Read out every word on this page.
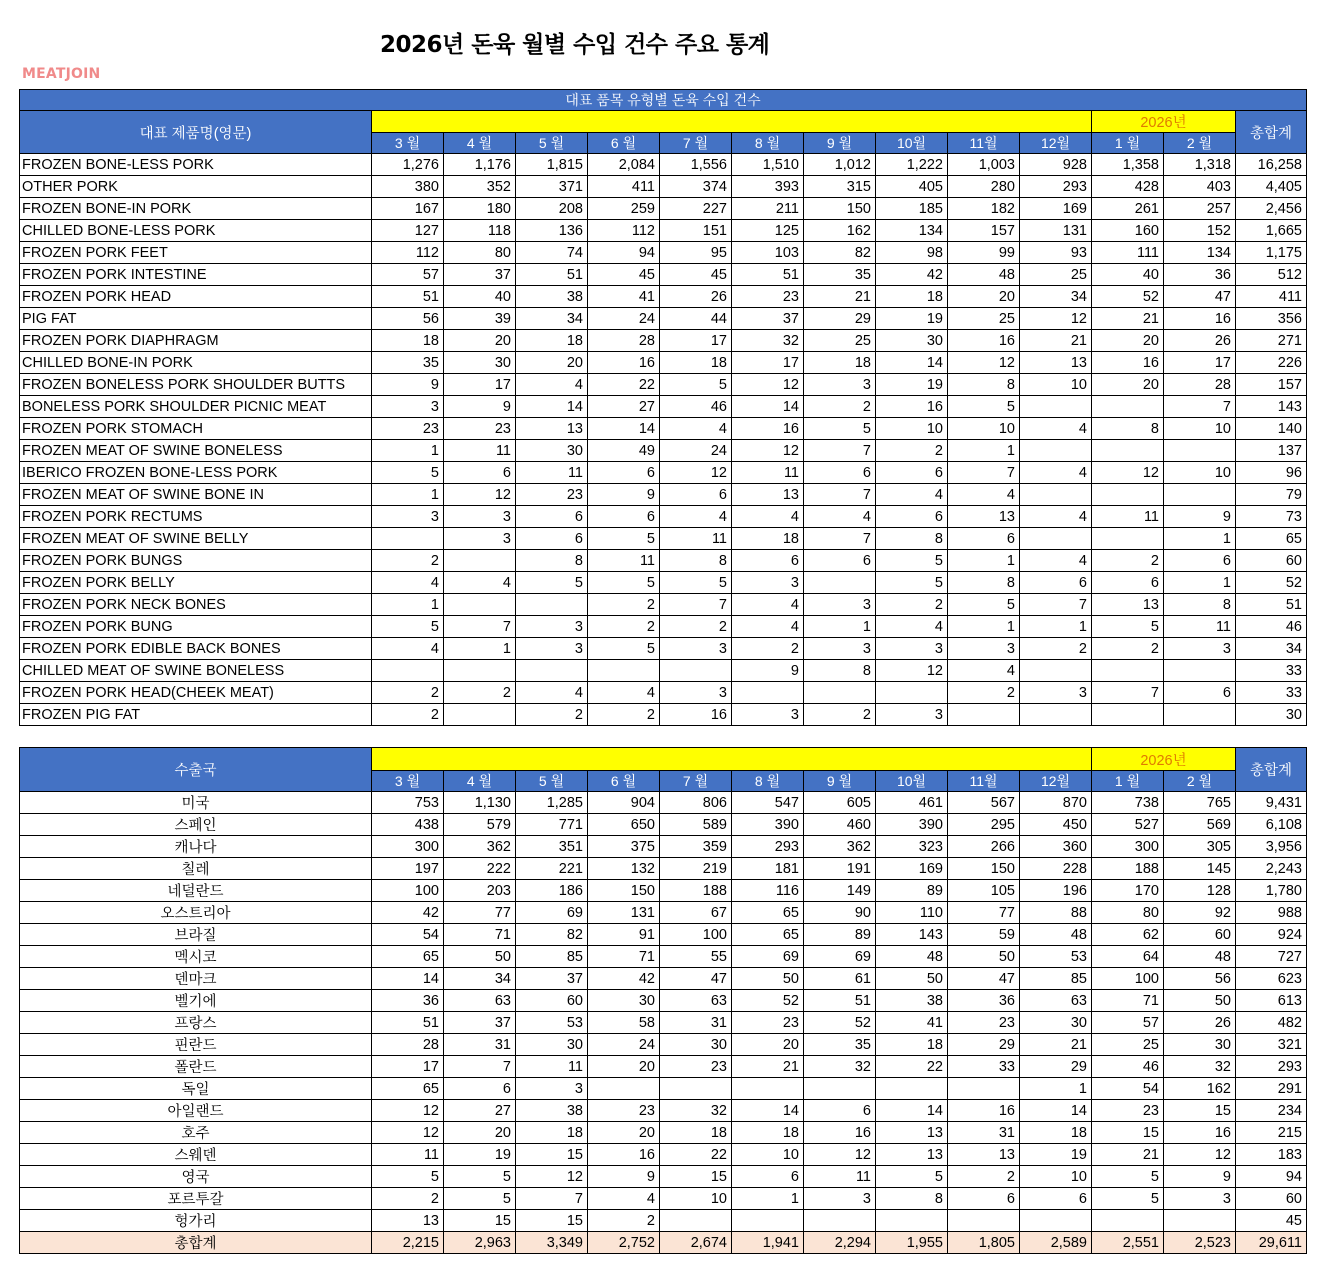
2026년 돈육 월별 수입 건수 주요 통계
MEATJOIN
대표 품목 유형별 돈육 수입 건수													
대표 제품명(영문)											2026년		총합계
	3 월	4 월	5 월	6 월	7 월	8 월	9 월	10월	11월	12월	1 월	2 월	
FROZEN BONE-LESS PORK	1,276	1,176	1,815	2,084	1,556	1,510	1,012	1,222	1,003	928	1,358	1,318	16,258
OTHER PORK	380	352	371	411	374	393	315	405	280	293	428	403	4,405
FROZEN BONE-IN PORK	167	180	208	259	227	211	150	185	182	169	261	257	2,456
CHILLED BONE-LESS PORK	127	118	136	112	151	125	162	134	157	131	160	152	1,665
FROZEN PORK FEET	112	80	74	94	95	103	82	98	99	93	111	134	1,175
FROZEN PORK INTESTINE	57	37	51	45	45	51	35	42	48	25	40	36	512
FROZEN PORK HEAD	51	40	38	41	26	23	21	18	20	34	52	47	411
PIG FAT	56	39	34	24	44	37	29	19	25	12	21	16	356
FROZEN PORK DIAPHRAGM	18	20	18	28	17	32	25	30	16	21	20	26	271
CHILLED BONE-IN PORK	35	30	20	16	18	17	18	14	12	13	16	17	226
FROZEN BONELESS PORK SHOULDER BUTTS	9	17	4	22	5	12	3	19	8	10	20	28	157
BONELESS PORK SHOULDER PICNIC MEAT	3	9	14	27	46	14	2	16	5			7	143
FROZEN PORK STOMACH	23	23	13	14	4	16	5	10	10	4	8	10	140
FROZEN MEAT OF SWINE BONELESS	1	11	30	49	24	12	7	2	1				137
IBERICO FROZEN BONE-LESS PORK	5	6	11	6	12	11	6	6	7	4	12	10	96
FROZEN MEAT OF SWINE BONE IN	1	12	23	9	6	13	7	4	4				79
FROZEN PORK RECTUMS	3	3	6	6	4	4	4	6	13	4	11	9	73
FROZEN MEAT OF SWINE BELLY		3	6	5	11	18	7	8	6			1	65
FROZEN PORK BUNGS	2		8	11	8	6	6	5	1	4	2	6	60
FROZEN PORK BELLY	4	4	5	5	5	3		5	8	6	6	1	52
FROZEN PORK NECK BONES	1			2	7	4	3	2	5	7	13	8	51
FROZEN PORK BUNG	5	7	3	2	2	4	1	4	1	1	5	11	46
FROZEN PORK EDIBLE BACK BONES	4	1	3	5	3	2	3	3	3	2	2	3	34
CHILLED MEAT OF SWINE BONELESS						9	8	12	4				33
FROZEN PORK HEAD(CHEEK MEAT)	2	2	4	4	3				2	3	7	6	33
FROZEN PIG FAT	2		2	2	16	3	2	3					30
수출국											2026년		총합계
	3 월	4 월	5 월	6 월	7 월	8 월	9 월	10월	11월	12월	1 월	2 월	
미국	753	1,130	1,285	904	806	547	605	461	567	870	738	765	9,431
스페인	438	579	771	650	589	390	460	390	295	450	527	569	6,108
캐나다	300	362	351	375	359	293	362	323	266	360	300	305	3,956
칠레	197	222	221	132	219	181	191	169	150	228	188	145	2,243
네덜란드	100	203	186	150	188	116	149	89	105	196	170	128	1,780
오스트리아	42	77	69	131	67	65	90	110	77	88	80	92	988
브라질	54	71	82	91	100	65	89	143	59	48	62	60	924
멕시코	65	50	85	71	55	69	69	48	50	53	64	48	727
덴마크	14	34	37	42	47	50	61	50	47	85	100	56	623
벨기에	36	63	60	30	63	52	51	38	36	63	71	50	613
프랑스	51	37	53	58	31	23	52	41	23	30	57	26	482
핀란드	28	31	30	24	30	20	35	18	29	21	25	30	321
폴란드	17	7	11	20	23	21	32	22	33	29	46	32	293
독일	65	6	3							1	54	162	291
아일랜드	12	27	38	23	32	14	6	14	16	14	23	15	234
호주	12	20	18	20	18	18	16	13	31	18	15	16	215
스웨덴	11	19	15	16	22	10	12	13	13	19	21	12	183
영국	5	5	12	9	15	6	11	5	2	10	5	9	94
포르투갈	2	5	7	4	10	1	3	8	6	6	5	3	60
헝가리	13	15	15	2									45
총합계	2,215	2,963	3,349	2,752	2,674	1,941	2,294	1,955	1,805	2,589	2,551	2,523	29,611
